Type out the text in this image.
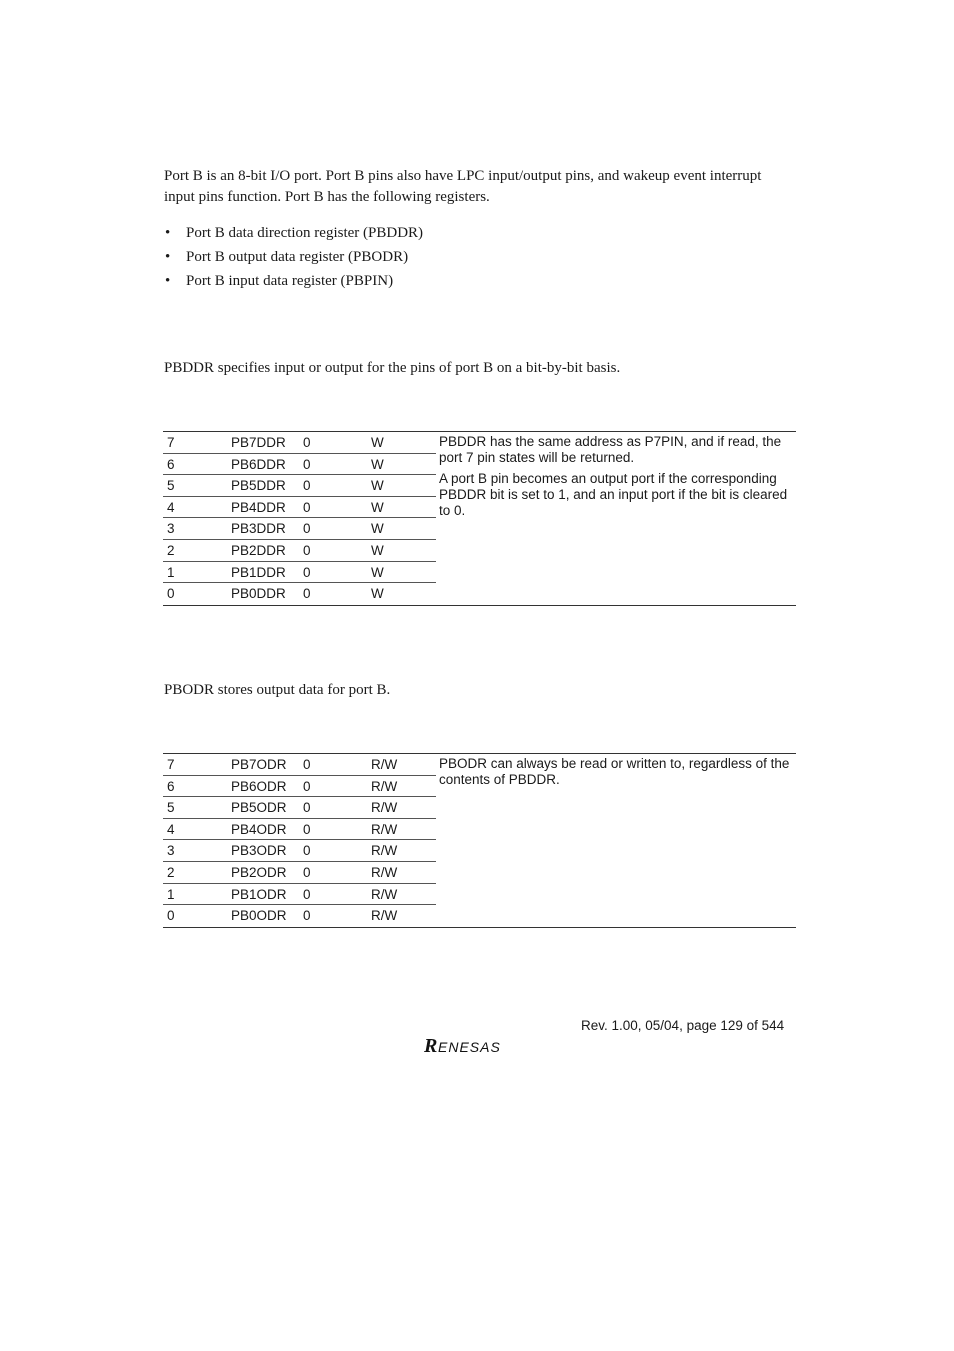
Port B is an 8-bit I/O port. Port B pins also have LPC input/output pins, and wakeup event interrupt input pins function. Port B has the following registers.
• Port B data direction register (PBDDR)
• Port B output data register (PBODR)
• Port B input data register (PBPIN)
PBDDR specifies input or output for the pins of port B on a bit-by-bit basis.
7	PB7DDR 0	W
6	PB6DDR 0	W
5	PB5DDR 0	W
4	PB4DDR 0	W
3	PB3DDR 0	W
2	PB2DDR 0	W
1	PB1DDR 0	W
0	PB0DDR 0	W

PBDDR has the same address as P7PIN, and if read, the port 7 pin states will be returned.

A port B pin becomes an output port if the corresponding PBDDR bit is set to 1, and an input port if the bit is cleared to 0.

PBODR stores output data for port B.
7	PB7ODR 0	R/W
6	PB6ODR 0	R/W
5	PB5ODR 0	R/W
4	PB4ODR 0	R/W
3	PB3ODR 0	R/W
2	PB2ODR 0	R/W
1	PB1ODR 0	R/W
0	PB0ODR 0	R/W

PBODR can always be read or written to, regardless of the contents of PBDDR.

Rev. 1.00, 05/04, page 129 of 544
R ENESAS
